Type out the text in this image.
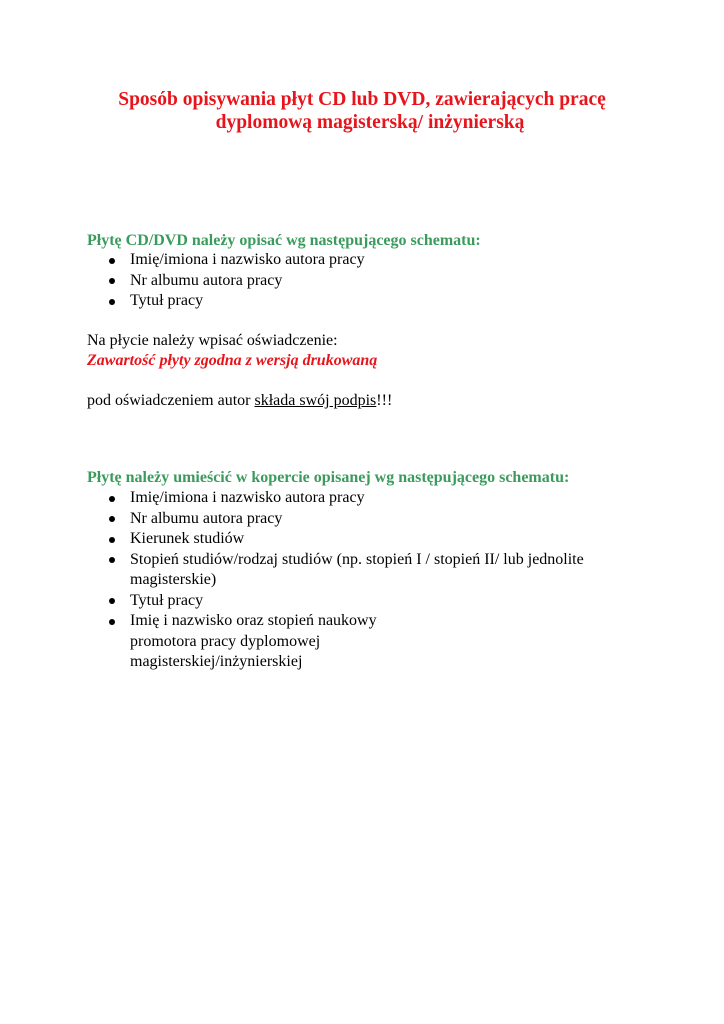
Sposób opisywania płyt CD lub DVD, zawierających pracę
dyplomową magisterską/ inżynierską
Płytę CD/DVD należy opisać wg następującego schematu:
Imię/imiona i nazwisko autora pracy
Nr albumu autora pracy
Tytuł pracy
Na płycie należy wpisać oświadczenie:
Zawartość płyty zgodna z wersją drukowaną
pod oświadczeniem autor składa swój podpis!!!
Płytę należy umieścić w kopercie opisanej wg następującego schematu:
Imię/imiona i nazwisko autora pracy
Nr albumu autora pracy
Kierunek studiów
Stopień studiów/rodzaj studiów (np. stopień I / stopień II/ lub jednolite magisterskie)
Tytuł pracy
Imię i nazwisko oraz stopień naukowy promotora pracy dyplomowej magisterskiej/inżynierskiej
